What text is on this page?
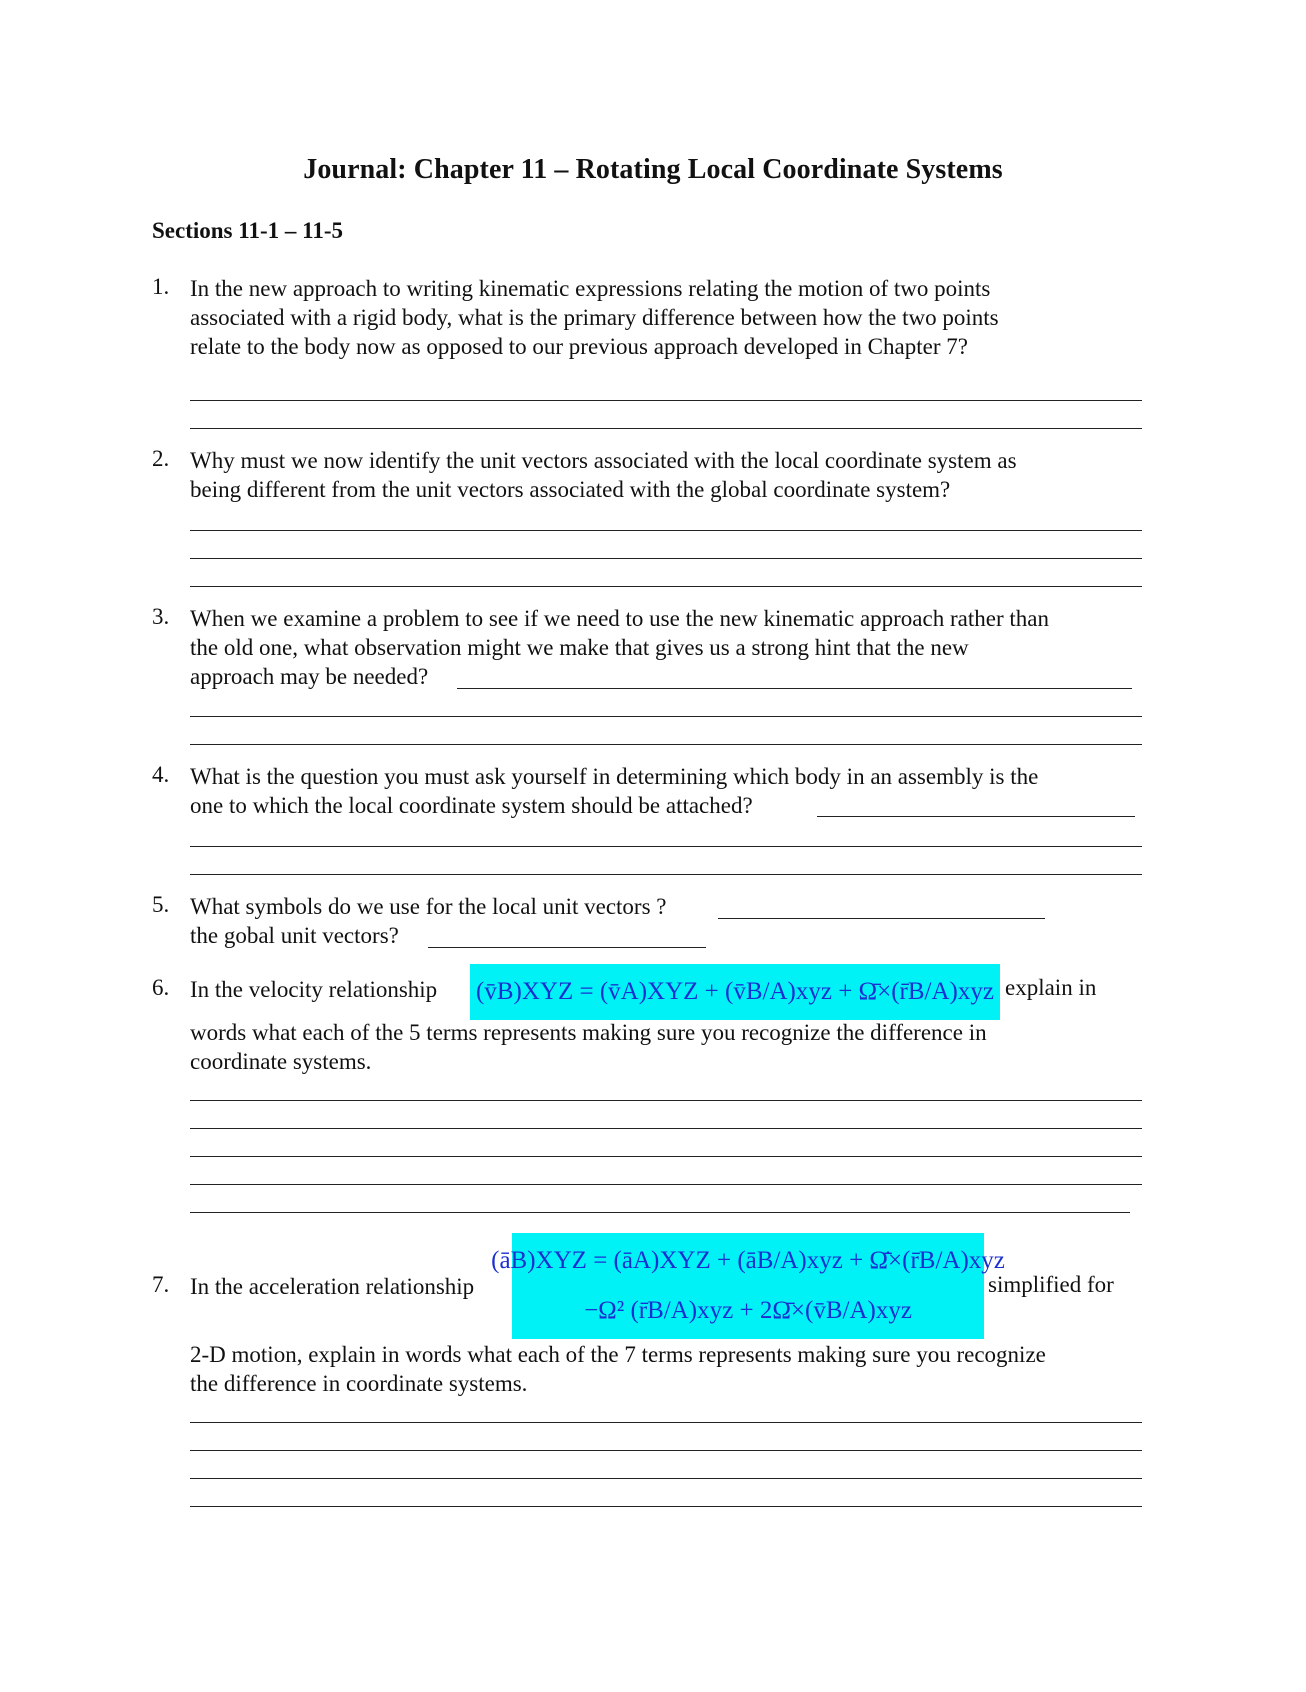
Journal: Chapter 11 – Rotating Local Coordinate Systems
Sections 11-1 – 11-5
1. In the new approach to writing kinematic expressions relating the motion of two points
associated with a rigid body, what is the primary difference between how the two points
relate to the body now as opposed to our previous approach developed in Chapter 7?
2. Why must we now identify the unit vectors associated with the local coordinate system as
being different from the unit vectors associated with the global coordinate system?
3. When we examine a problem to see if we need to use the new kinematic approach rather than
the old one, what observation might we make that gives us a strong hint that the new
approach may be needed?
4. What is the question you must ask yourself in determining which body in an assembly is the
one to which the local coordinate system should be attached?
5. What symbols do we use for the local unit vectors ?
the gobal unit vectors?
6. In the velocity relationship (v̄B)XYZ = (v̄A)XYZ + (v̄B/A)xyz + Ω̄×(r̄B/A)xyz explain in
words what each of the 5 terms represents making sure you recognize the difference in
coordinate systems.
7. In the acceleration relationship
(āB)XYZ = (āA)XYZ + (āB/A)xyz + Ω̄̇×(r̄B/A)xyz
−Ω² (r̄B/A)xyz + 2Ω̄×(v̄B/A)xyz
simplified for
2-D motion, explain in words what each of the 7 terms represents making sure you recognize
the difference in coordinate systems.
